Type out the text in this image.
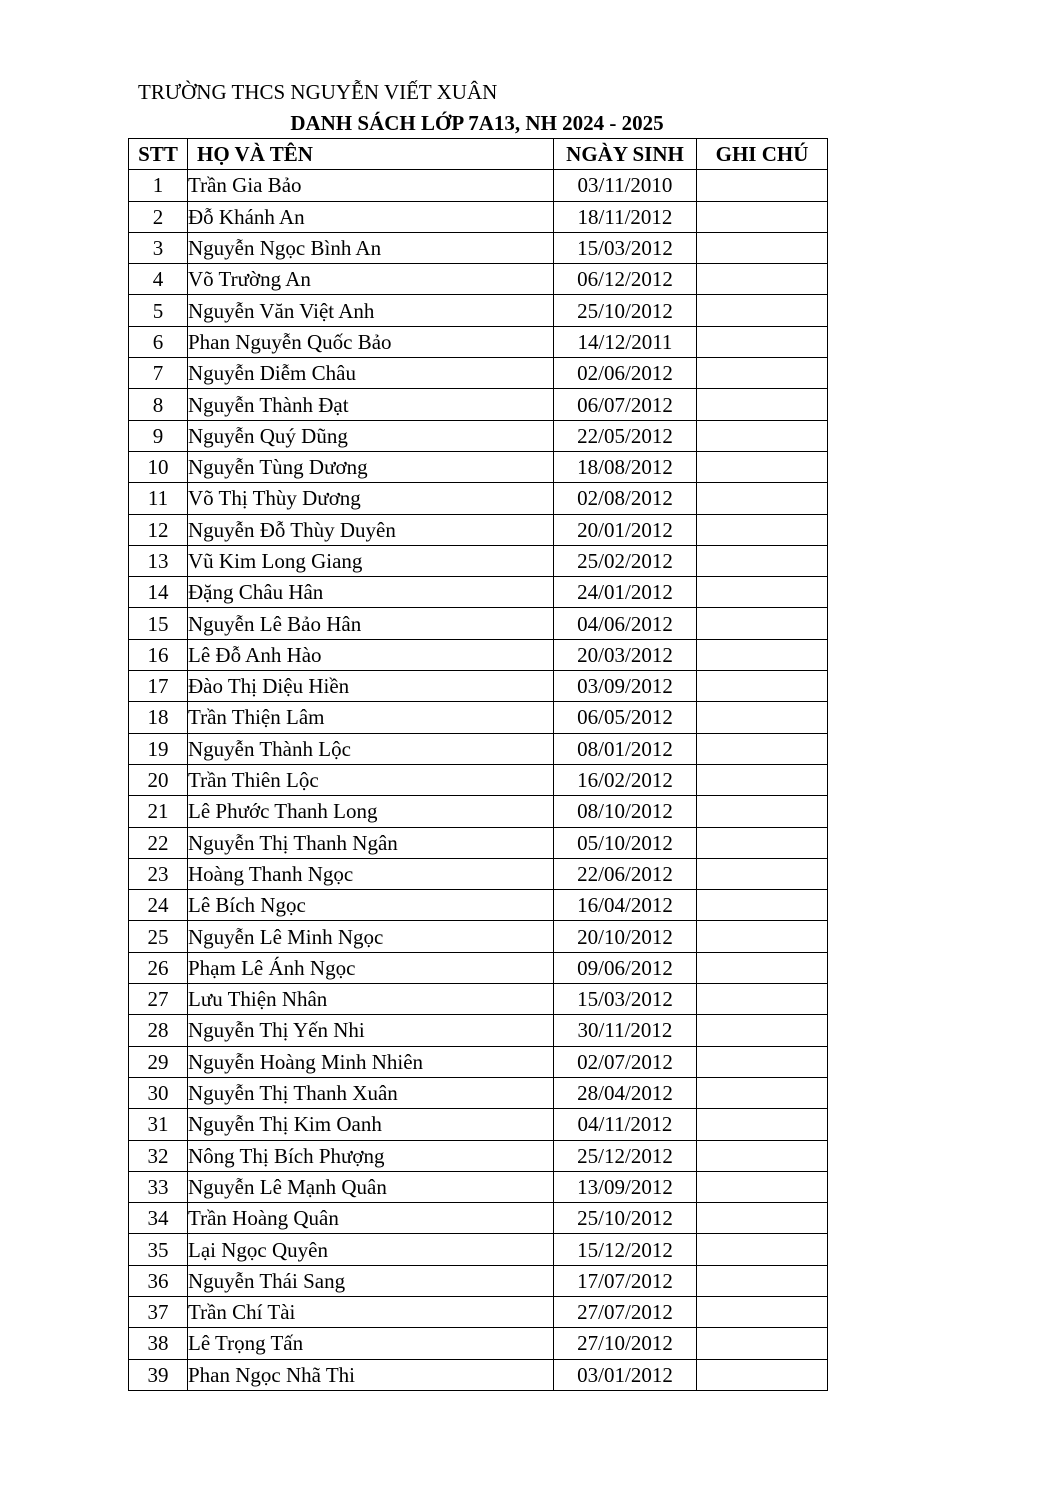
TRƯỜNG THCS NGUYỄN VIẾT XUÂN
DANH SÁCH LỚP 7A13, NH 2024 - 2025
STT	HỌ VÀ TÊN	NGÀY SINH	GHI CHÚ
1	Trần Gia Bảo	03/11/2010	
2	Đỗ Khánh An	18/11/2012	
3	Nguyễn Ngọc Bình An	15/03/2012	
4	Võ Trường An	06/12/2012	
5	Nguyễn Văn Việt Anh	25/10/2012	
6	Phan Nguyễn Quốc Bảo	14/12/2011	
7	Nguyễn Diễm Châu	02/06/2012	
8	Nguyễn Thành Đạt	06/07/2012	
9	Nguyễn Quý Dũng	22/05/2012	
10	Nguyễn Tùng Dương	18/08/2012	
11	Võ Thị Thùy Dương	02/08/2012	
12	Nguyễn Đỗ Thùy Duyên	20/01/2012	
13	Vũ Kim Long Giang	25/02/2012	
14	Đặng Châu Hân	24/01/2012	
15	Nguyễn Lê Bảo Hân	04/06/2012	
16	Lê Đỗ Anh Hào	20/03/2012	
17	Đào Thị Diệu Hiền	03/09/2012	
18	Trần Thiện Lâm	06/05/2012	
19	Nguyễn Thành Lộc	08/01/2012	
20	Trần Thiên Lộc	16/02/2012	
21	Lê Phước Thanh Long	08/10/2012	
22	Nguyễn Thị Thanh Ngân	05/10/2012	
23	Hoàng Thanh Ngọc	22/06/2012	
24	Lê Bích Ngọc	16/04/2012	
25	Nguyễn Lê Minh Ngọc	20/10/2012	
26	Phạm Lê Ánh Ngọc	09/06/2012	
27	Lưu Thiện Nhân	15/03/2012	
28	Nguyễn Thị Yến Nhi	30/11/2012	
29	Nguyễn Hoàng Minh Nhiên	02/07/2012	
30	Nguyễn Thị Thanh Xuân	28/04/2012	
31	Nguyễn Thị Kim Oanh	04/11/2012	
32	Nông Thị Bích Phượng	25/12/2012	
33	Nguyễn Lê Mạnh Quân	13/09/2012	
34	Trần Hoàng Quân	25/10/2012	
35	Lại Ngọc Quyên	15/12/2012	
36	Nguyễn Thái Sang	17/07/2012	
37	Trần Chí Tài	27/07/2012	
38	Lê Trọng Tấn	27/10/2012	
39	Phan Ngọc Nhã Thi	03/01/2012	
